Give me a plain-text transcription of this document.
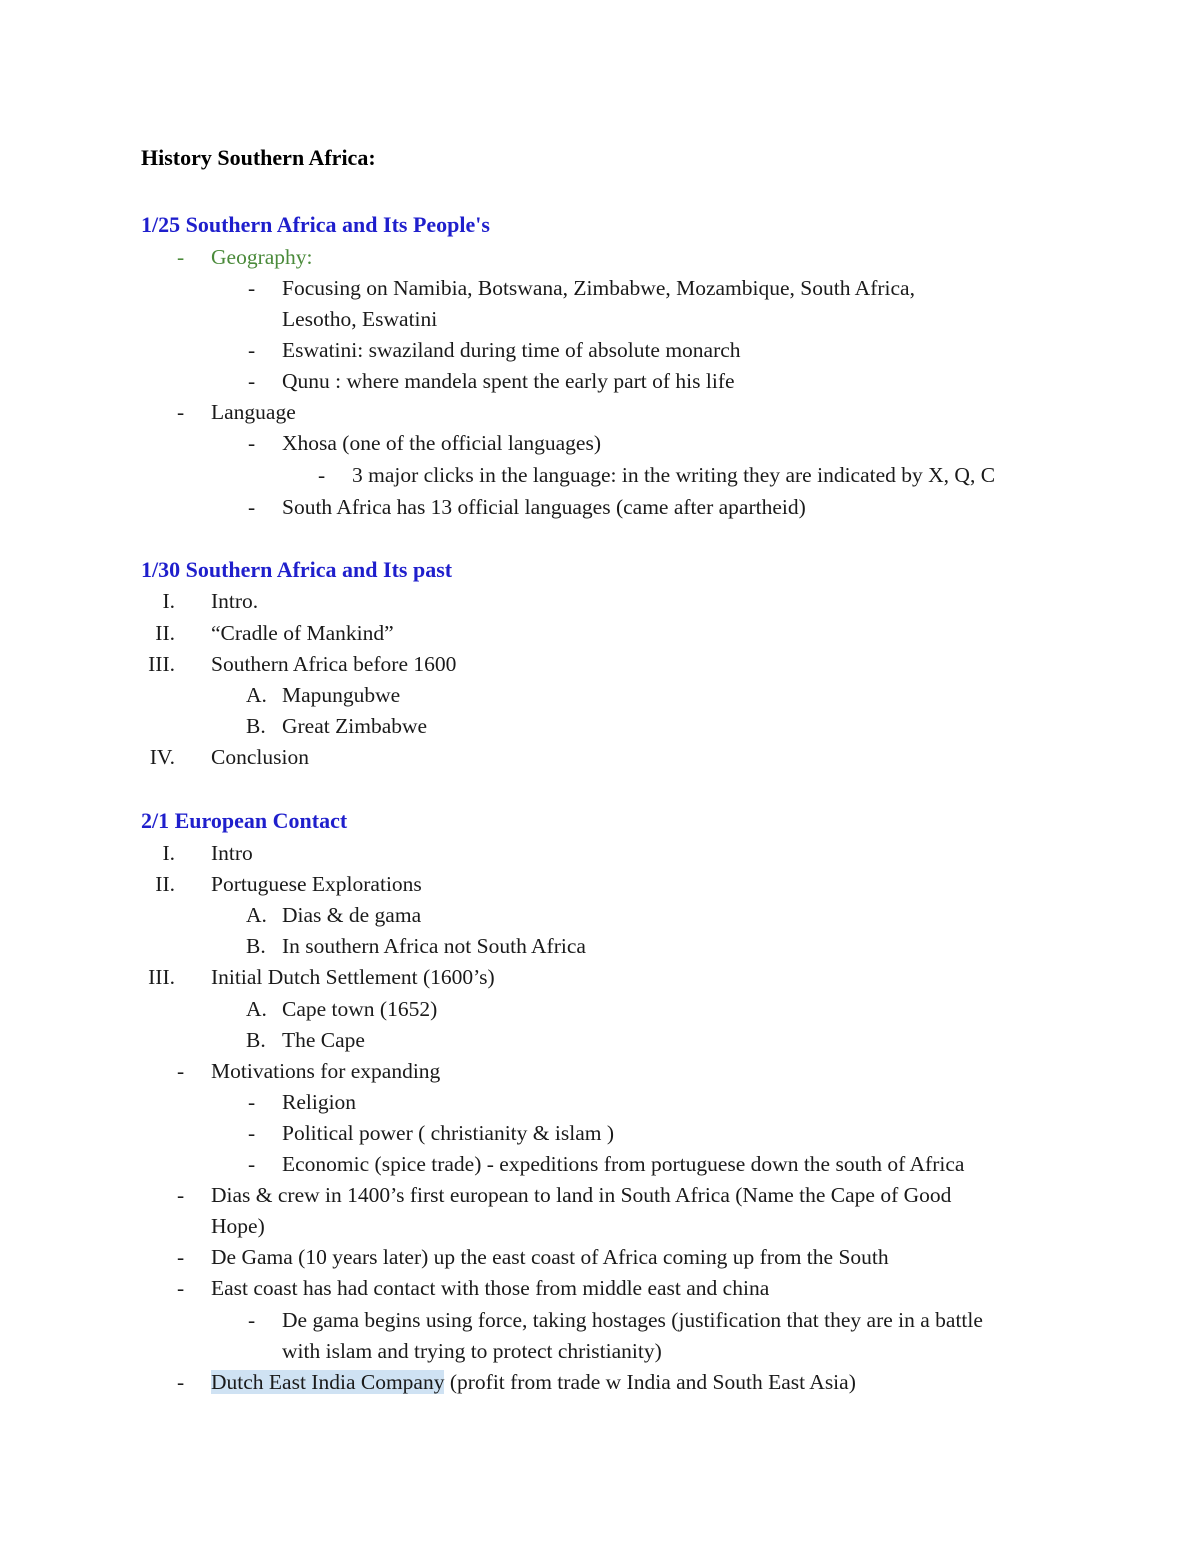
History Southern Africa:
1/25 Southern Africa and Its People's
- Geography:
- Focusing on Namibia, Botswana, Zimbabwe, Mozambique, South Africa,
Lesotho, Eswatini
- Eswatini: swaziland during time of absolute monarch
- Qunu : where mandela spent the early part of his life
- Language
- Xhosa (one of the official languages)
- 3 major clicks in the language: in the writing they are indicated by X, Q, C
- South Africa has 13 official languages (came after apartheid)
1/30 Southern Africa and Its past
I. Intro.
II. “Cradle of Mankind”
III. Southern Africa before 1600
A. Mapungubwe
B. Great Zimbabwe
IV. Conclusion
2/1 European Contact
I. Intro
II. Portuguese Explorations
A. Dias & de gama
B. In southern Africa not South Africa
III. Initial Dutch Settlement (1600’s)
A. Cape town (1652)
B. The Cape
- Motivations for expanding
- Religion
- Political power ( christianity & islam )
- Economic (spice trade) - expeditions from portuguese down the south of Africa
- Dias & crew in 1400’s first european to land in South Africa (Name the Cape of Good
Hope)
- De Gama (10 years later) up the east coast of Africa coming up from the South
- East coast has had contact with those from middle east and china
- De gama begins using force, taking hostages (justification that they are in a battle
with islam and trying to protect christianity)
- Dutch East India Company (profit from trade w India and South East Asia)
